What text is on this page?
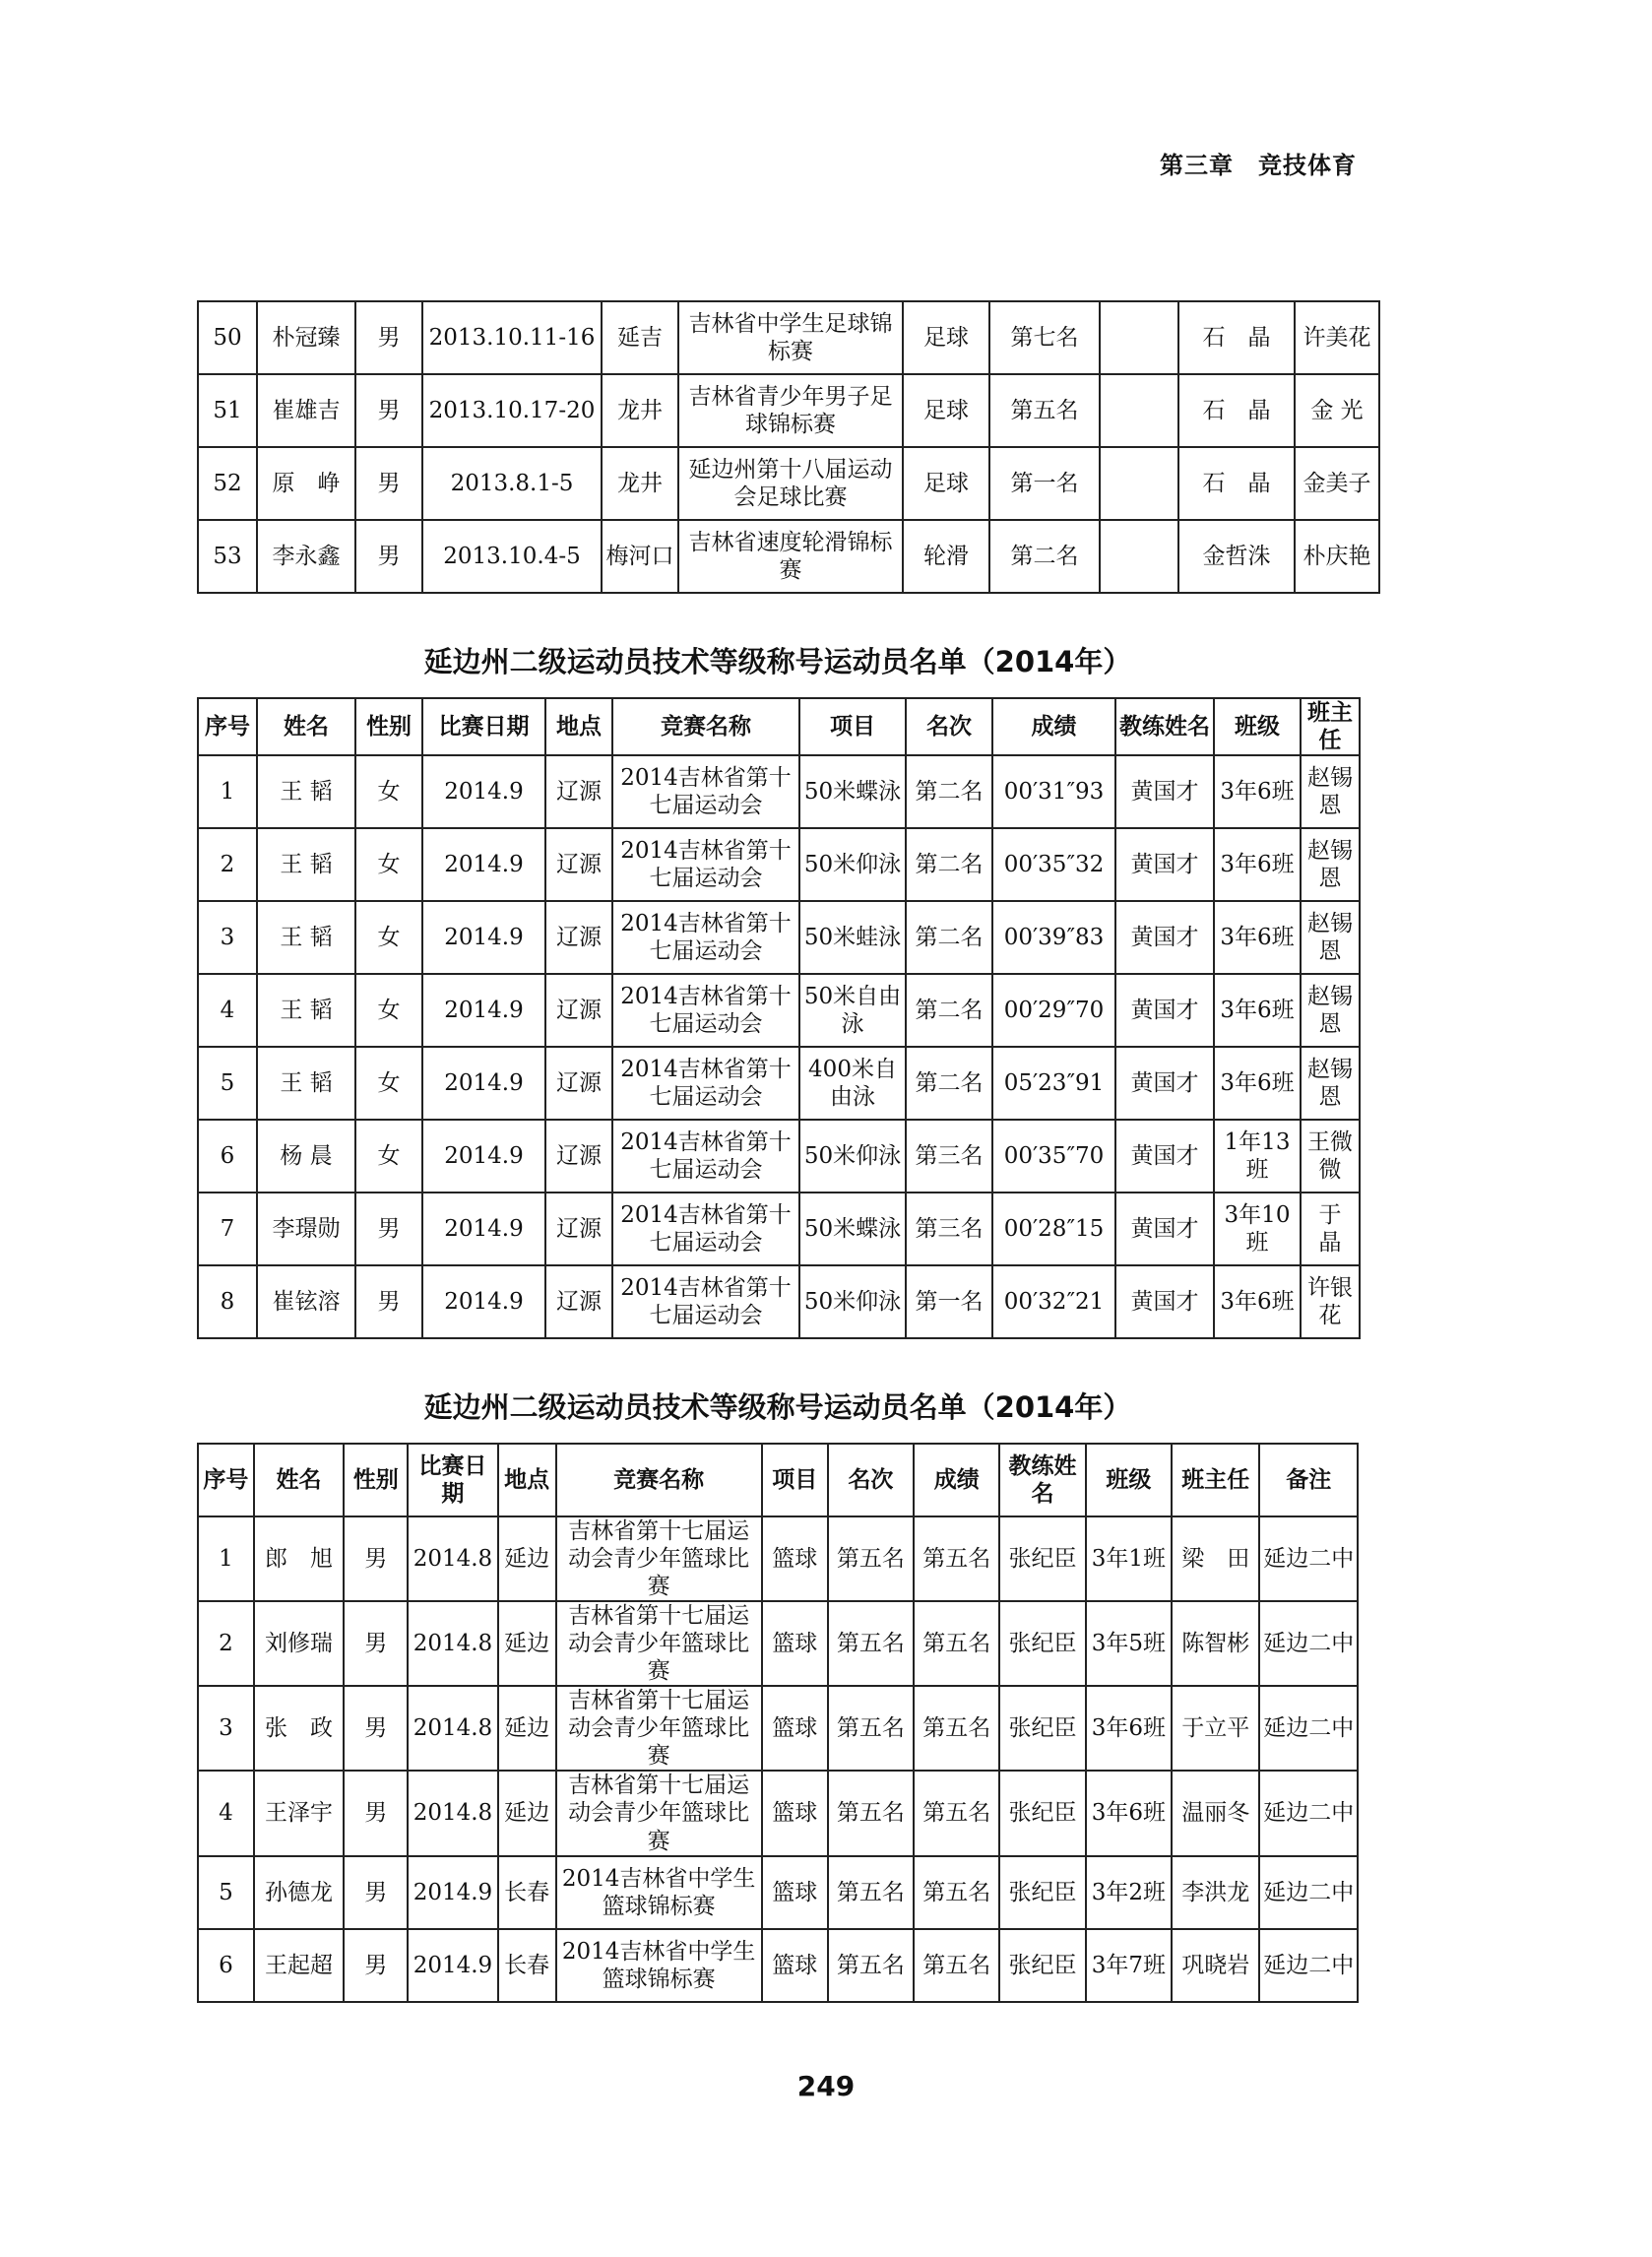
第三章　竞技体育
50	朴冠臻	男	2013.10.11-16	延吉	吉林省中学生足球锦标赛	足球	第七名		石　晶	许美花
51	崔雄吉	男	2013.10.17-20	龙井	吉林省青少年男子足球锦标赛	足球	第五名		石　晶	金 光
52	原　峥	男	2013.8.1-5	龙井	延边州第十八届运动会足球比赛	足球	第一名		石　晶	金美子
53	李永鑫	男	2013.10.4-5	梅河口	吉林省速度轮滑锦标赛	轮滑	第二名		金哲洙	朴庆艳
延边州二级运动员技术等级称号运动员名单（2014年）
序号	姓名	性别	比赛日期	地点	竞赛名称	项目	名次	成绩	教练姓名	班级	班主任
1	王 韬	女	2014.9	辽源	2014吉林省第十七届运动会	50米蝶泳	第二名	00′31″93	黄国才	3年6班	赵锡恩
2	王 韬	女	2014.9	辽源	2014吉林省第十七届运动会	50米仰泳	第二名	00′35″32	黄国才	3年6班	赵锡恩
3	王 韬	女	2014.9	辽源	2014吉林省第十七届运动会	50米蛙泳	第二名	00′39″83	黄国才	3年6班	赵锡恩
4	王 韬	女	2014.9	辽源	2014吉林省第十七届运动会	50米自由泳	第二名	00′29″70	黄国才	3年6班	赵锡恩
5	王 韬	女	2014.9	辽源	2014吉林省第十七届运动会	400米自由泳	第二名	05′23″91	黄国才	3年6班	赵锡恩
6	杨 晨	女	2014.9	辽源	2014吉林省第十七届运动会	50米仰泳	第三名	00′35″70	黄国才	1年13班	王微微
7	李璟勋	男	2014.9	辽源	2014吉林省第十七届运动会	50米蝶泳	第三名	00′28″15	黄国才	3年10班	于　晶
8	崔铉溶	男	2014.9	辽源	2014吉林省第十七届运动会	50米仰泳	第一名	00′32″21	黄国才	3年6班	许银花
延边州二级运动员技术等级称号运动员名单（2014年）
序号	姓名	性别	比赛日期	地点	竞赛名称	项目	名次	成绩	教练姓名	班级	班主任	备注
1	郎　旭	男	2014.8	延边	吉林省第十七届运动会青少年篮球比赛	篮球	第五名	第五名	张纪臣	3年1班	梁　田	延边二中
2	刘修瑞	男	2014.8	延边	吉林省第十七届运动会青少年篮球比赛	篮球	第五名	第五名	张纪臣	3年5班	陈智彬	延边二中
3	张　政	男	2014.8	延边	吉林省第十七届运动会青少年篮球比赛	篮球	第五名	第五名	张纪臣	3年6班	于立平	延边二中
4	王泽宇	男	2014.8	延边	吉林省第十七届运动会青少年篮球比赛	篮球	第五名	第五名	张纪臣	3年6班	温丽冬	延边二中
5	孙德龙	男	2014.9	长春	2014吉林省中学生篮球锦标赛	篮球	第五名	第五名	张纪臣	3年2班	李洪龙	延边二中
6	王起超	男	2014.9	长春	2014吉林省中学生篮球锦标赛	篮球	第五名	第五名	张纪臣	3年7班	巩晓岩	延边二中
249
